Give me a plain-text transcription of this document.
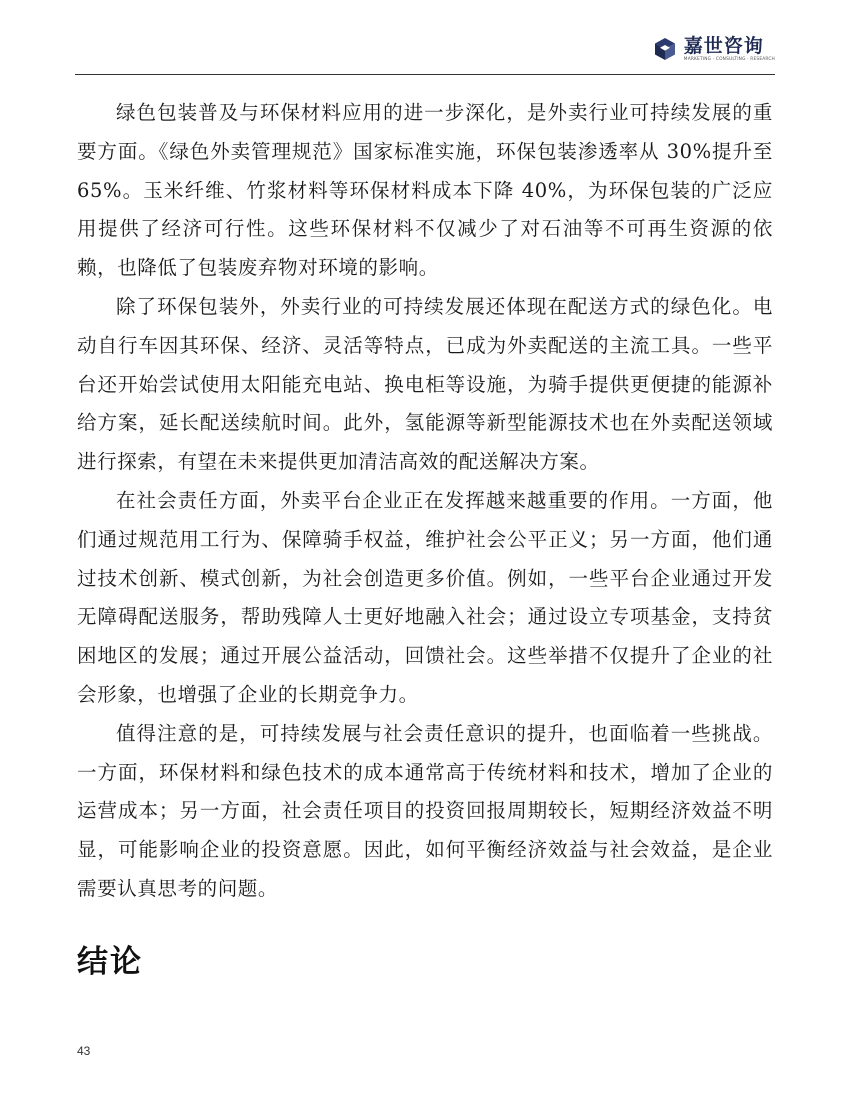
嘉世咨询
MARKETING · CONSULTING · RESEARCH

绿色包装普及与环保材料应用的进一步深化，是外卖行业可持续发展的重要方面。《绿色外卖管理规范》国家标准实施，环保包装渗透率从 30%提升至 65%。玉米纤维、竹浆材料等环保材料成本下降 40%，为环保包装的广泛应用提供了经济可行性。这些环保材料不仅减少了对石油等不可再生资源的依赖，也降低了包装废弃物对环境的影响。

除了环保包装外，外卖行业的可持续发展还体现在配送方式的绿色化。电动自行车因其环保、经济、灵活等特点，已成为外卖配送的主流工具。一些平台还开始尝试使用太阳能充电站、换电柜等设施，为骑手提供更便捷的能源补给方案，延长配送续航时间。此外，氢能源等新型能源技术也在外卖配送领域进行探索，有望在未来提供更加清洁高效的配送解决方案。

在社会责任方面，外卖平台企业正在发挥越来越重要的作用。一方面，他们通过规范用工行为、保障骑手权益，维护社会公平正义；另一方面，他们通过技术创新、模式创新，为社会创造更多价值。例如，一些平台企业通过开发无障碍配送服务，帮助残障人士更好地融入社会；通过设立专项基金，支持贫困地区的发展；通过开展公益活动，回馈社会。这些举措不仅提升了企业的社会形象，也增强了企业的长期竞争力。

值得注意的是，可持续发展与社会责任意识的提升，也面临着一些挑战。一方面，环保材料和绿色技术的成本通常高于传统材料和技术，增加了企业的运营成本；另一方面，社会责任项目的投资回报周期较长，短期经济效益不明显，可能影响企业的投资意愿。因此，如何平衡经济效益与社会效益，是企业需要认真思考的问题。

结论
43
